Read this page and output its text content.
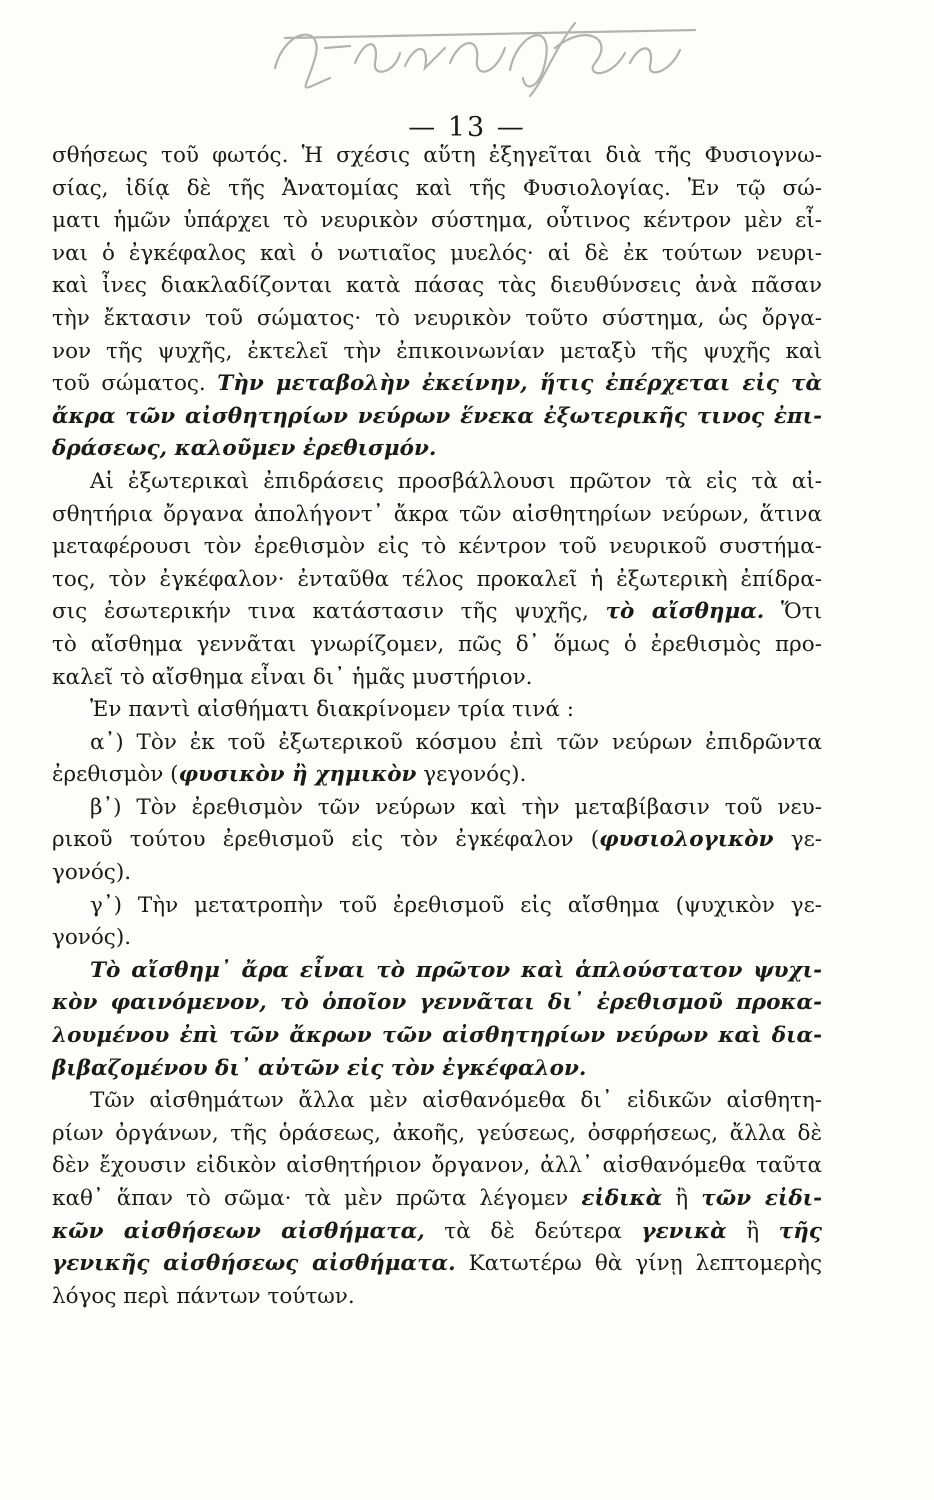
— 13 —
σθήσεως τοῦ φωτός. Ἡ σχέσις αὕτη ἐξηγεῖται διὰ τῆς Φυσιογνω-
σίας, ἰδίᾳ δὲ τῆς Ἀνατομίας καὶ τῆς Φυσιολογίας. Ἐν τῷ σώ-
ματι ἡμῶν ὑπάρχει τὸ νευρικὸν σύστημα, οὗτινος κέντρον μὲν εἶ-
ναι ὁ ἐγκέφαλος καὶ ὁ νωτιαῖος μυελός· αἱ δὲ ἐκ τούτων νευρι-
καὶ ἶνες διακλαδίζονται κατὰ πάσας τὰς διευθύνσεις ἀνὰ πᾶσαν
τὴν ἔκτασιν τοῦ σώματος· τὸ νευρικὸν τοῦτο σύστημα, ὡς ὄργα-
νον τῆς ψυχῆς, ἐκτελεῖ τὴν ἐπικοινωνίαν μεταξὺ τῆς ψυχῆς καὶ
τοῦ σώματος. Τὴν μεταβολὴν ἐκείνην, ἥτις ἐπέρχεται εἰς τὰ
ἄκρα τῶν αἰσθητηρίων νεύρων ἕνεκα ἐξωτερικῆς τινος ἐπι-
δράσεως, καλοῦμεν ἐρεθισμόν.
Αἱ ἐξωτερικαὶ ἐπιδράσεις προσβάλλουσι πρῶτον τὰ εἰς τὰ αἰ-
σθητήρια ὄργανα ἀπολήγοντ᾽ ἄκρα τῶν αἰσθητηρίων νεύρων, ἅτινα
μεταφέρουσι τὸν ἐρεθισμὸν εἰς τὸ κέντρον τοῦ νευρικοῦ συστήμα-
τος, τὸν ἐγκέφαλον· ἐνταῦθα τέλος προκαλεῖ ἡ ἐξωτερικὴ ἐπίδρα-
σις ἐσωτερικήν τινα κατάστασιν τῆς ψυχῆς, τὸ αἴσθημα. Ὅτι
τὸ αἴσθημα γεννᾶται γνωρίζομεν, πῶς δ᾽ ὅμως ὁ ἐρεθισμὸς προ-
καλεῖ τὸ αἴσθημα εἶναι δι᾽ ἡμᾶς μυστήριον.
Ἐν παντὶ αἰσθήματι διακρίνομεν τρία τινά :
α᾽) Τὸν ἐκ τοῦ ἐξωτερικοῦ κόσμου ἐπὶ τῶν νεύρων ἐπιδρῶντα
ἐρεθισμὸν (φυσικὸν ἢ χημικὸν γεγονός).
β᾽) Τὸν ἐρεθισμὸν τῶν νεύρων καὶ τὴν μεταβίβασιν τοῦ νευ-
ρικοῦ τούτου ἐρεθισμοῦ εἰς τὸν ἐγκέφαλον (φυσιολογικὸν γε-
γονός).
γ᾽) Τὴν μετατροπὴν τοῦ ἐρεθισμοῦ εἰς αἴσθημα (ψυχικὸν γε-
γονός).
Τὸ αἴσθημ᾽ ἄρα εἶναι τὸ πρῶτον καὶ ἁπλούστατον ψυχι-
κὸν φαινόμενον, τὸ ὁποῖον γεννᾶται δι᾽ ἐρεθισμοῦ προκα-
λουμένου ἐπὶ τῶν ἄκρων τῶν αἰσθητηρίων νεύρων καὶ δια-
βιβαζομένου δι᾽ αὐτῶν εἰς τὸν ἐγκέφαλον.
Τῶν αἰσθημάτων ἄλλα μὲν αἰσθανόμεθα δι᾽ εἰδικῶν αἰσθητη-
ρίων ὀργάνων, τῆς ὁράσεως, ἀκοῆς, γεύσεως, ὀσφρήσεως, ἄλλα δὲ
δὲν ἔχουσιν εἰδικὸν αἰσθητήριον ὄργανον, ἀλλ᾽ αἰσθανόμεθα ταῦτα
καθ᾽ ἅπαν τὸ σῶμα· τὰ μὲν πρῶτα λέγομεν εἰδικὰ ἢ τῶν εἰδι-
κῶν αἰσθήσεων αἰσθήματα, τὰ δὲ δεύτερα γενικὰ ἢ τῆς
γενικῆς αἰσθήσεως αἰσθήματα. Κατωτέρω θὰ γίνῃ λεπτομερὴς
λόγος περὶ πάντων τούτων.
